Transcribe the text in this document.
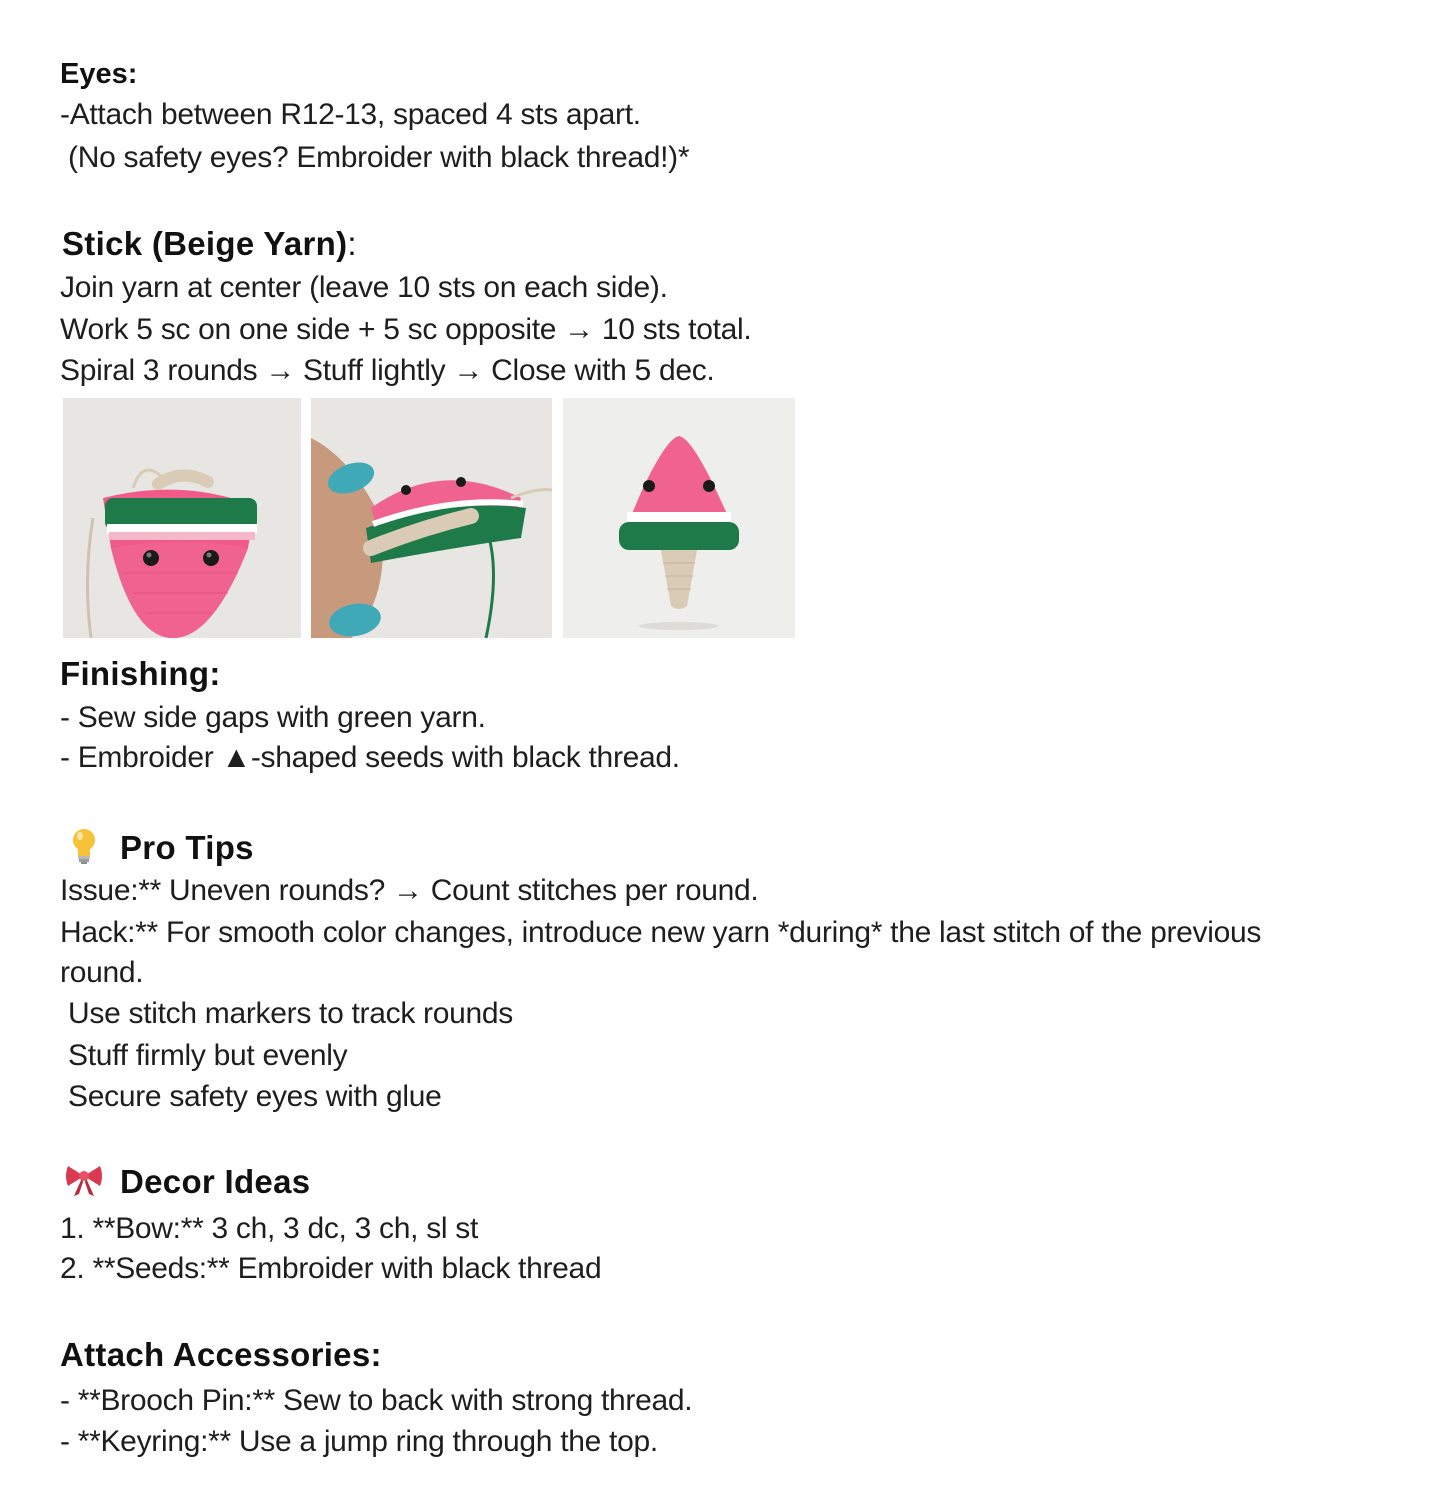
Eyes:
-Attach between R12-13, spaced 4 sts apart.
(No safety eyes? Embroider with black thread!)*
Stick (Beige Yarn):
Join yarn at center (leave 10 sts on each side).
Work 5 sc on one side + 5 sc opposite → 10 sts total.
Spiral 3 rounds → Stuff lightly → Close with 5 dec.
Finishing:
- Sew side gaps with green yarn.
- Embroider ▲-shaped seeds with black thread.
Pro Tips
Issue:** Uneven rounds? → Count stitches per round.
Hack:** For smooth color changes, introduce new yarn *during* the last stitch of the previous
round.
Use stitch markers to track rounds
Stuff firmly but evenly
Secure safety eyes with glue
Decor Ideas
1. **Bow:** 3 ch, 3 dc, 3 ch, sl st
2. **Seeds:** Embroider with black thread
Attach Accessories:
- **Brooch Pin:** Sew to back with strong thread.
- **Keyring:** Use a jump ring through the top.
